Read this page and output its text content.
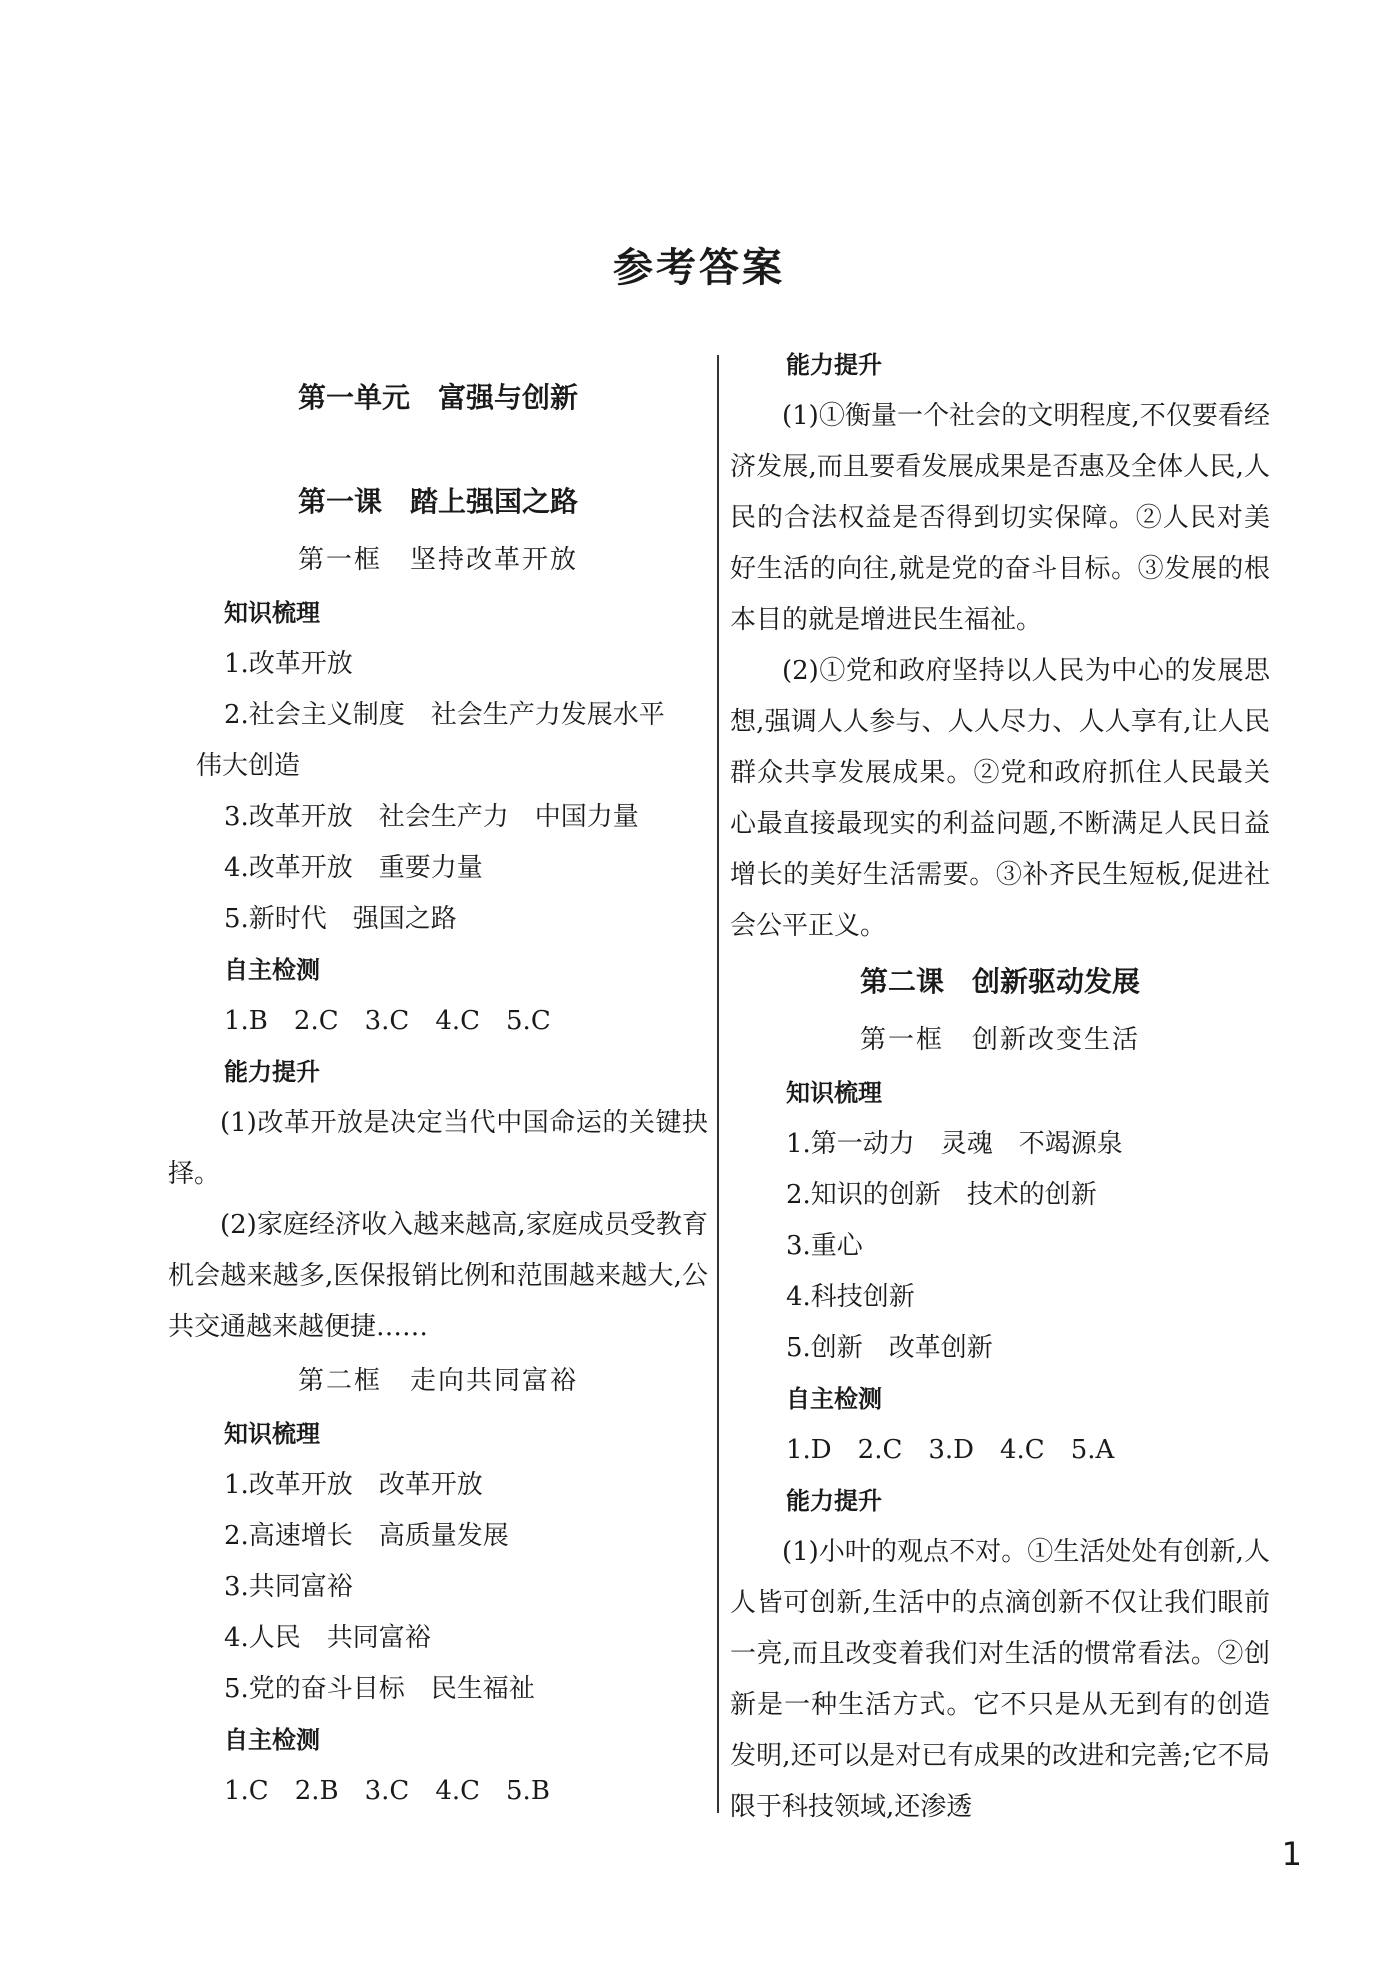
参考答案
第一单元　富强与创新
第一课　踏上强国之路
第一框　坚持改革开放
知识梳理
1.改革开放
2.社会主义制度　社会生产力发展水平
伟大创造
3.改革开放　社会生产力　中国力量
4.改革开放　重要力量
5.新时代　强国之路
自主检测
1.B　2.C　3.C　4.C　5.C
能力提升
(1)改革开放是决定当代中国命运的关键抉择。
(2)家庭经济收入越来越高,家庭成员受教育机会越来越多,医保报销比例和范围越来越大,公共交通越来越便捷……
第二框　走向共同富裕
知识梳理
1.改革开放　改革开放
2.高速增长　高质量发展
3.共同富裕
4.人民　共同富裕
5.党的奋斗目标　民生福祉
自主检测
1.C　2.B　3.C　4.C　5.B
能力提升
(1)①衡量一个社会的文明程度,不仅要看经济发展,而且要看发展成果是否惠及全体人民,人民的合法权益是否得到切实保障。②人民对美好生活的向往,就是党的奋斗目标。③发展的根本目的就是增进民生福祉。
(2)①党和政府坚持以人民为中心的发展思想,强调人人参与、人人尽力、人人享有,让人民群众共享发展成果。②党和政府抓住人民最关心最直接最现实的利益问题,不断满足人民日益增长的美好生活需要。③补齐民生短板,促进社会公平正义。
第二课　创新驱动发展
第一框　创新改变生活
知识梳理
1.第一动力　灵魂　不竭源泉
2.知识的创新　技术的创新
3.重心
4.科技创新
5.创新　改革创新
自主检测
1.D　2.C　3.D　4.C　5.A
能力提升
(1)小叶的观点不对。①生活处处有创新,人人皆可创新,生活中的点滴创新不仅让我们眼前一亮,而且改变着我们对生活的惯常看法。②创新是一种生活方式。它不只是从无到有的创造发明,还可以是对已有成果的改进和完善;它不局限于科技领域,还渗透
1
